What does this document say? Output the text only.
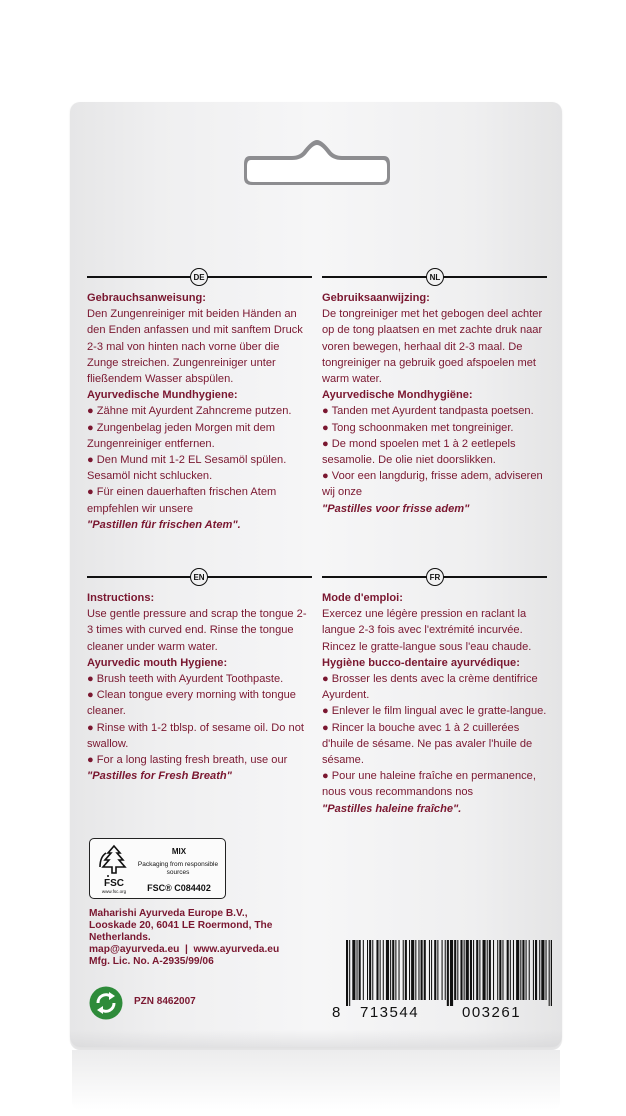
DE

Gebrauchsanweisung:

Den Zungenreiniger mit beiden Händen an den Enden anfassen und mit sanftem Druck 2-3 mal von hinten nach vorne über die Zunge streichen. Zungenreiniger unter fließendem Wasser abspülen.

Ayurvedische Mundhygiene:

● Zähne mit Ayurdent Zahncreme putzen.

● Zungenbelag jeden Morgen mit dem Zungenreiniger entfernen.

● Den Mund mit 1-2 EL Sesamöl spülen. Sesamöl nicht schlucken.

● Für einen dauerhaften frischen Atem empfehlen wir unsere

"Pastillen für frischen Atem".

NL

Gebruiksaanwijzing:

De tongreiniger met het gebogen deel achter op de tong plaatsen en met zachte druk naar voren bewegen, herhaal dit 2-3 maal. De tongreiniger na gebruik goed afspoelen met warm water.

Ayurvedische Mondhygiëne:

● Tanden met Ayurdent tandpasta poetsen.

● Tong schoonmaken met tongreiniger.

● De mond spoelen met 1 à 2 eetlepels sesamolie. De olie niet doorslikken.

● Voor een langdurig, frisse adem, adviseren wij onze

"Pastilles voor frisse adem"

EN

Instructions:

Use gentle pressure and scrap the tongue 2-3 times with curved end. Rinse the tongue cleaner under warm water.

Ayurvedic mouth Hygiene:

● Brush teeth with Ayurdent Toothpaste.

● Clean tongue every morning with tongue cleaner.

● Rinse with 1-2 tblsp. of sesame oil. Do not swallow.

● For a long lasting fresh breath, use our

"Pastilles for Fresh Breath"

FR

Mode d'emploi:

Exercez une légère pression en raclant la langue 2-3 fois avec l'extrémité incurvée. Rincez le gratte-langue sous l'eau chaude.

Hygiène bucco-dentaire ayurvédique:

● Brosser les dents avec la crème dentifrice Ayurdent.

● Enlever le film lingual avec le gratte-langue.

● Rincer la bouche avec 1 à 2 cuillerées d'huile de sésame. Ne pas avaler l'huile de sésame.

● Pour une haleine fraîche en permanence, nous vous recommandons nos

"Pastilles haleine fraîche".

FSC
www.fsc.org
MIX
Packaging from responsible sources
FSC® C084402

Maharishi Ayurveda Europe B.V.,

Looskade 20, 6041 LE Roermond, The Netherlands.

map@ayurveda.eu  |  www.ayurveda.eu

Mfg. Lic. No. A-2935/99/06

PZN 8462007
8 713544	003261
